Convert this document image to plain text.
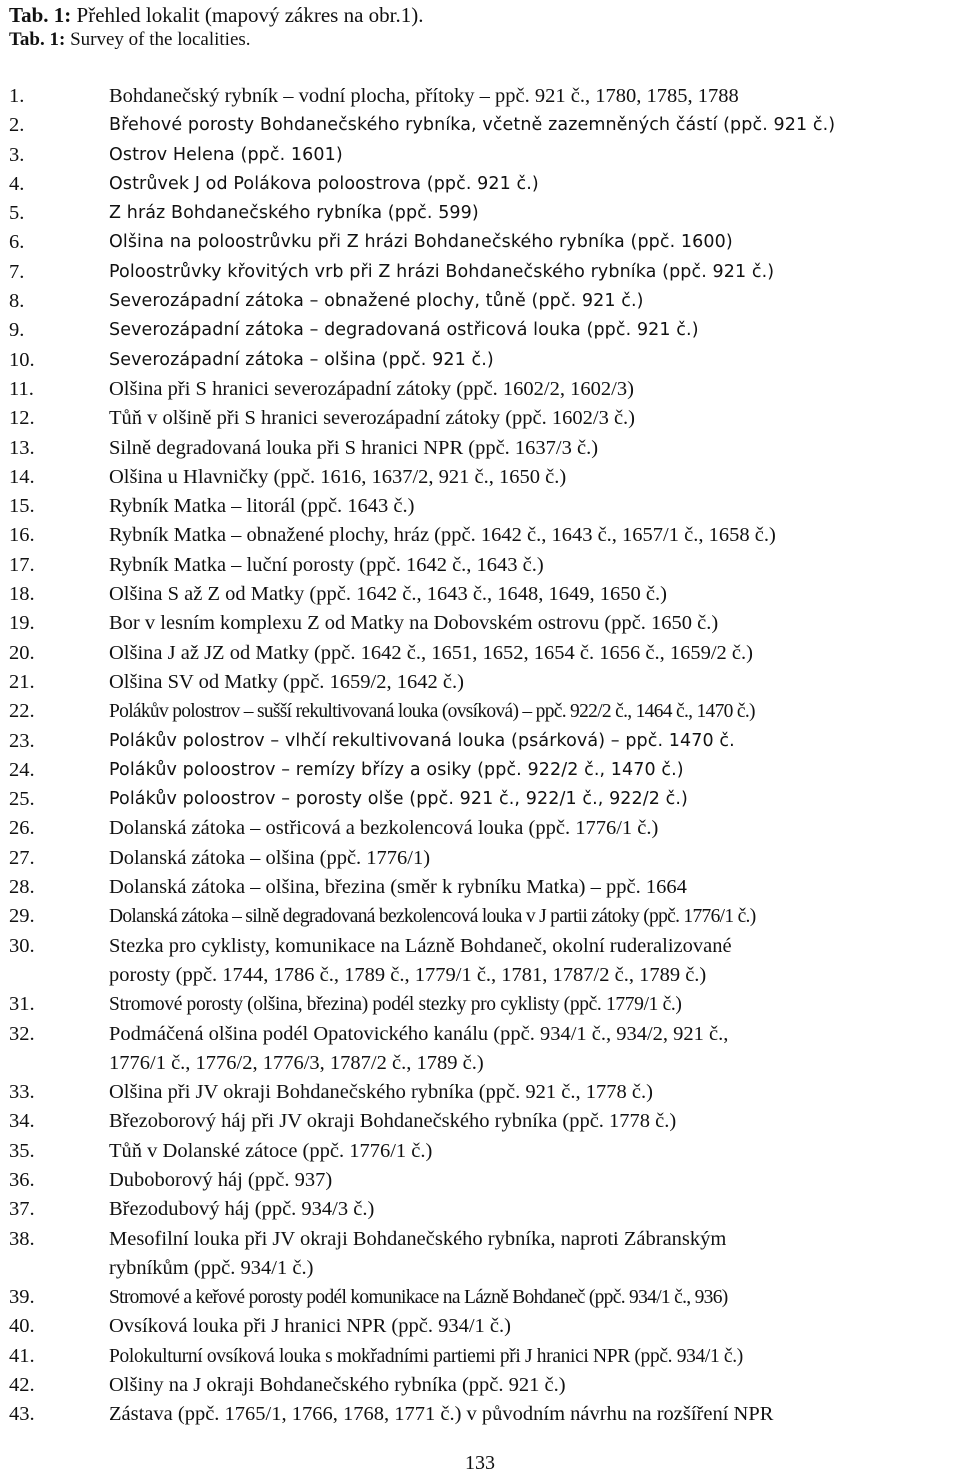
Tab. 1: Přehled lokalit (mapový zákres na obr.1).
Tab. 1: Survey of the localities.
1.	Bohdanečský rybník – vodní plocha, přítoky – ppč. 921 č., 1780, 1785, 1788
2.	Břehové porosty Bohdanečského rybníka, včetně zazemněných částí (ppč. 921 č.)
3.	Ostrov Helena (ppč. 1601)
4.	Ostrůvek J od Polákova poloostrova (ppč. 921 č.)
5.	Z hráz Bohdanečského rybníka (ppč. 599)
6.	Olšina na poloostrůvku při Z hrázi Bohdanečského rybníka (ppč. 1600)
7.	Poloostrůvky křovitých vrb při Z hrázi Bohdanečského rybníka (ppč. 921 č.)
8.	Severozápadní zátoka – obnažené plochy, tůně (ppč. 921 č.)
9.	Severozápadní zátoka – degradovaná ostřicová louka (ppč. 921 č.)
10.	Severozápadní zátoka – olšina (ppč. 921 č.)
11.	Olšina při S hranici severozápadní zátoky (ppč. 1602/2, 1602/3)
12.	Tůň v olšině při S hranici severozápadní zátoky (ppč. 1602/3 č.)
13.	Silně degradovaná louka při S hranici NPR (ppč. 1637/3 č.)
14.	Olšina u Hlavničky (ppč. 1616, 1637/2, 921 č., 1650 č.)
15.	Rybník Matka – litorál (ppč. 1643 č.)
16.	Rybník Matka – obnažené plochy, hráz (ppč. 1642 č., 1643 č., 1657/1 č., 1658 č.)
17.	Rybník Matka – luční porosty (ppč. 1642 č., 1643 č.)
18.	Olšina S až Z od Matky (ppč. 1642 č., 1643 č., 1648, 1649, 1650 č.)
19.	Bor v lesním komplexu Z od Matky na Dobovském ostrovu (ppč. 1650 č.)
20.	Olšina J až JZ od Matky (ppč. 1642 č., 1651, 1652, 1654 č. 1656 č., 1659/2 č.)
21.	Olšina SV od Matky (ppč. 1659/2, 1642 č.)
22.	Polákův polostrov – sušší rekultivovaná louka (ovsíková) – ppč. 922/2 č., 1464 č., 1470 č.)
23.	Polákův polostrov – vlhčí rekultivovaná louka (psárková) – ppč. 1470 č.
24.	Polákův poloostrov – remízy břízy a osiky (ppč. 922/2 č., 1470 č.)
25.	Polákův poloostrov – porosty olše (ppč. 921 č., 922/1 č., 922/2 č.)
26.	Dolanská zátoka – ostřicová a bezkolencová louka (ppč. 1776/1 č.)
27.	Dolanská zátoka – olšina (ppč. 1776/1)
28.	Dolanská zátoka – olšina, březina (směr k rybníku Matka) – ppč. 1664
29.	Dolanská zátoka – silně degradovaná bezkolencová louka v J partii zátoky (ppč. 1776/1 č.)
30.	Stezka pro cyklisty, komunikace na Lázně Bohdaneč, okolní ruderalizované
porosty (ppč. 1744, 1786 č., 1789 č., 1779/1 č., 1781, 1787/2 č., 1789 č.)
31.	Stromové porosty (olšina, březina) podél stezky pro cyklisty (ppč. 1779/1 č.)
32.	Podmáčená olšina podél Opatovického kanálu (ppč. 934/1 č., 934/2, 921 č.,
1776/1 č., 1776/2, 1776/3, 1787/2 č., 1789 č.)
33.	Olšina při JV okraji Bohdanečského rybníka (ppč. 921 č., 1778 č.)
34.	Březoborový háj při JV okraji Bohdanečského rybníka (ppč. 1778 č.)
35.	Tůň v Dolanské zátoce (ppč. 1776/1 č.)
36.	Duboborový háj (ppč. 937)
37.	Březodubový háj (ppč. 934/3 č.)
38.	Mesofilní louka při JV okraji Bohdanečského rybníka, naproti Zábranským
rybníkům (ppč. 934/1 č.)
39.	Stromové a keřové porosty podél komunikace na Lázně Bohdaneč (ppč. 934/1 č., 936)
40.	Ovsíková louka při J hranici NPR (ppč. 934/1 č.)
41.	Polokulturní ovsíková louka s mokřadními partiemi při J hranici NPR (ppč. 934/1 č.)
42.	Olšiny na J okraji Bohdanečského rybníka (ppč. 921 č.)
43.	Zástava (ppč. 1765/1, 1766, 1768, 1771 č.) v původním návrhu na rozšíření NPR
133
